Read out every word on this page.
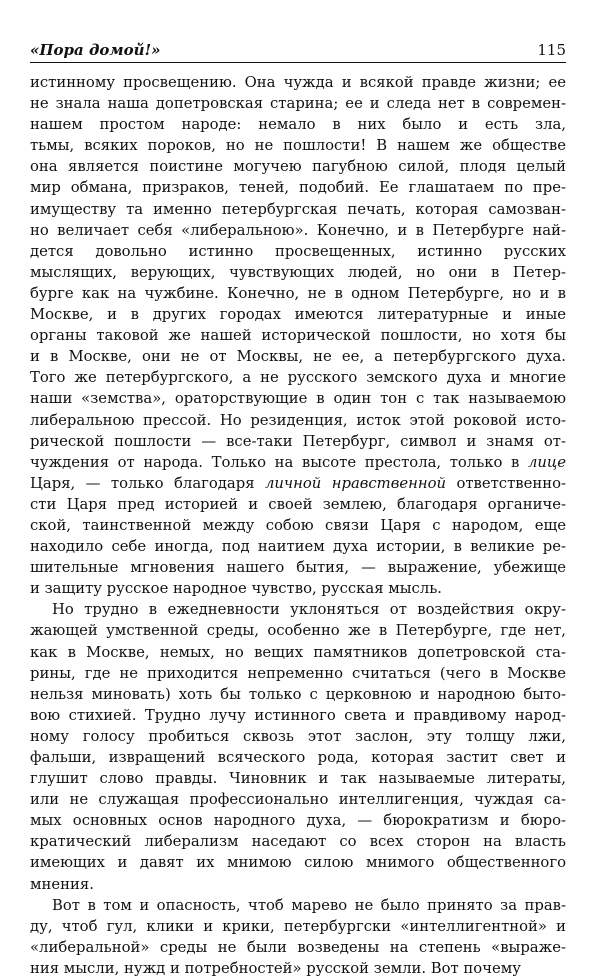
«Пора домой!»	115
истинному просвещению. Она чужда и всякой правде жизни; ее
не знала наша допетровская старина; ее и следа нет в современ-
нашем простом народе: немало в них было и есть зла,
тьмы, всяких пороков, но не пошлости! В нашем же обществе
она является поистине могучею пагубною силой, плодя целый
мир обмана, призраков, теней, подобий. Ее глашатаем по пре-
имуществу та именно петербургская печать, которая самозван-
но величает себя «либеральною». Конечно, и в Петербурге най-
дется довольно истинно просвещенных, истинно русских
мыслящих, верующих, чувствующих людей, но они в Петер-
бурге как на чужбине. Конечно, не в одном Петербурге, но и в
Москве, и в других городах имеются литературные и иные
органы таковой же нашей исторической пошлости, но хотя бы
и в Москве, они не от Москвы, не ее, а петербургского духа.
Того же петербургского, а не русского земского духа и многие
наши «земства», ораторствующие в один тон с так называемою
либеральною прессой. Но резиденция, исток этой роковой исто-
рической пошлости — все-таки Петербург, символ и знамя от-
чуждения от народа. Только на высоте престола, только в лице
Царя, — только благодаря личной нравственной ответственно-
сти Царя пред историей и своей землею, благодаря органиче-
ской, таинственной между собою связи Царя с народом, еще
находило себе иногда, под наитием духа истории, в великие ре-
шительные мгновения нашего бытия, — выражение, убежище
и защиту русское народное чувство, русская мысль.
Но трудно в ежедневности уклоняться от воздействия окру-
жающей умственной среды, особенно же в Петербурге, где нет,
как в Москве, немых, но вещих памятников допетровской ста-
рины, где не приходится непременно считаться (чего в Москве
нельзя миновать) хоть бы только с церковною и народною быто-
вою стихией. Трудно лучу истинного света и правдивому народ-
ному голосу пробиться сквозь этот заслон, эту толщу лжи,
фальши, извращений всяческого рода, которая застит свет и
глушит слово правды. Чиновник и так называемые литераты,
или не служащая профессионально интеллигенция, чуждая са-
мых основных основ народного духа, — бюрократизм и бюро-
кратический либерализм наседают со всех сторон на власть
имеющих и давят их мнимою силою мнимого общественного
мнения.
Вот в том и опасность, чтоб марево не было принято за прав-
ду, чтоб гул, клики и крики, петербургски «интеллигентной» и
«либеральной» среды не были возведены на степень «выраже-
ния мысли, нужд и потребностей» русской земли. Вот почему
